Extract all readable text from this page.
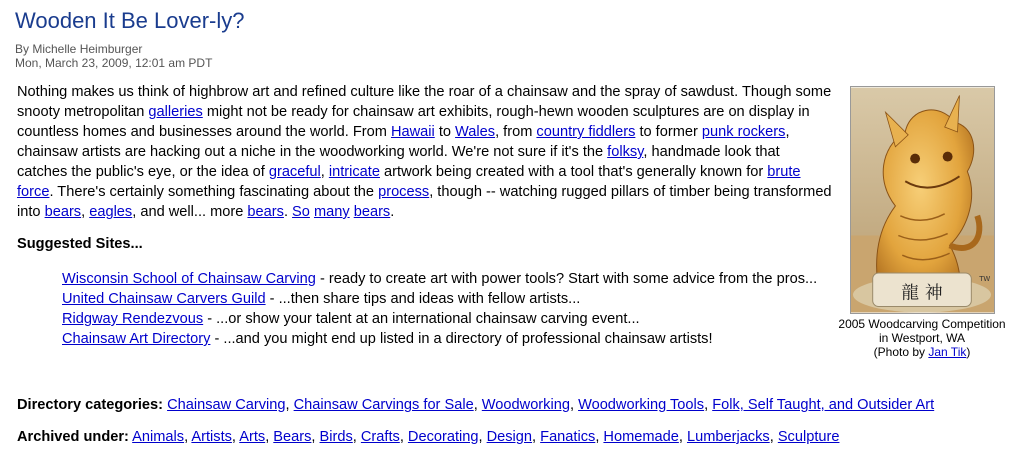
Wooden It Be Lover-ly?
By Michelle Heimburger
Mon, March 23, 2009, 12:01 am PDT
Nothing makes us think of highbrow art and refined culture like the roar of a chainsaw and the spray of sawdust. Though some snooty metropolitan galleries might not be ready for chainsaw art exhibits, rough-hewn wooden sculptures are on display in countless homes and businesses around the world. From Hawaii to Wales, from country fiddlers to former punk rockers, chainsaw artists are hacking out a niche in the woodworking world. We're not sure if it's the folksy, handmade look that catches the public's eye, or the idea of graceful, intricate artwork being created with a tool that's generally known for brute force. There's certainly something fascinating about the process, though -- watching rugged pillars of timber being transformed into bears, eagles, and well... more bears. So many bears.
Suggested Sites...
Wisconsin School of Chainsaw Carving - ready to create art with power tools? Start with some advice from the pros...
United Chainsaw Carvers Guild - ...then share tips and ideas with fellow artists...
Ridgway Rendezvous - ...or show your talent at an international chainsaw carving event...
Chainsaw Art Directory - ...and you might end up listed in a directory of professional chainsaw artists!
龍 神
TW
2005 Woodcarving Competition
in Westport, WA
(Photo by Jan Tik)
Directory categories: Chainsaw Carving, Chainsaw Carvings for Sale, Woodworking, Woodworking Tools, Folk, Self Taught, and Outsider Art
Archived under: Animals, Artists, Arts, Bears, Birds, Crafts, Decorating, Design, Fanatics, Homemade, Lumberjacks, Sculpture
